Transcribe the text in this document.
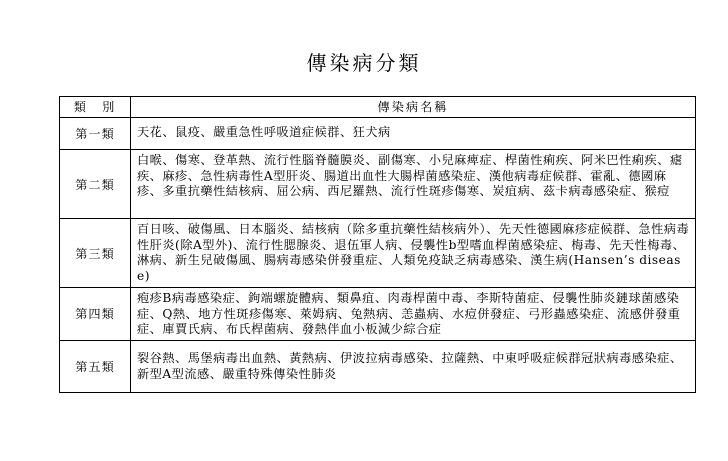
傳染病分類
類　別	傳染病名稱
第一類	天花、鼠疫、嚴重急性呼吸道症候群、狂犬病
第二類	白喉、傷寒、登革熱、流行性腦脊髓膜炎、副傷寒、小兒麻痺症、桿菌性痢疾、阿米巴性痢疾、瘧疾、麻疹、急性病毒性A型肝炎、腸道出血性大腸桿菌感染症、漢他病毒症候群、霍亂、德國麻疹、多重抗藥性結核病、屈公病、西尼羅熱、流行性斑疹傷寒、炭疽病、茲卡病毒感染症、猴痘
第三類	百日咳、破傷風、日本腦炎、結核病（除多重抗藥性結核病外）、先天性德國麻疹症候群、急性病毒性肝炎(除A型外)、流行性腮腺炎、退伍軍人病、侵襲性b型嗜血桿菌感染症、梅毒、先天性梅毒、淋病、新生兒破傷風、腸病毒感染併發重症、人類免疫缺乏病毒感染、漢生病(Hansen’s disease)
第四類	疱疹B病毒感染症、鉤端螺旋體病、類鼻疽、肉毒桿菌中毒、李斯特菌症、侵襲性肺炎鏈球菌感染症、Q熱、地方性斑疹傷寒、萊姆病、兔熱病、恙蟲病、水痘併發症、弓形蟲感染症、流感併發重症、庫賈氏病、布氏桿菌病、發熱伴血小板減少綜合症
第五類	裂谷熱、馬堡病毒出血熱、黃熱病、伊波拉病毒感染、拉薩熱、中東呼吸症候群冠狀病毒感染症、新型A型流感、嚴重特殊傳染性肺炎
